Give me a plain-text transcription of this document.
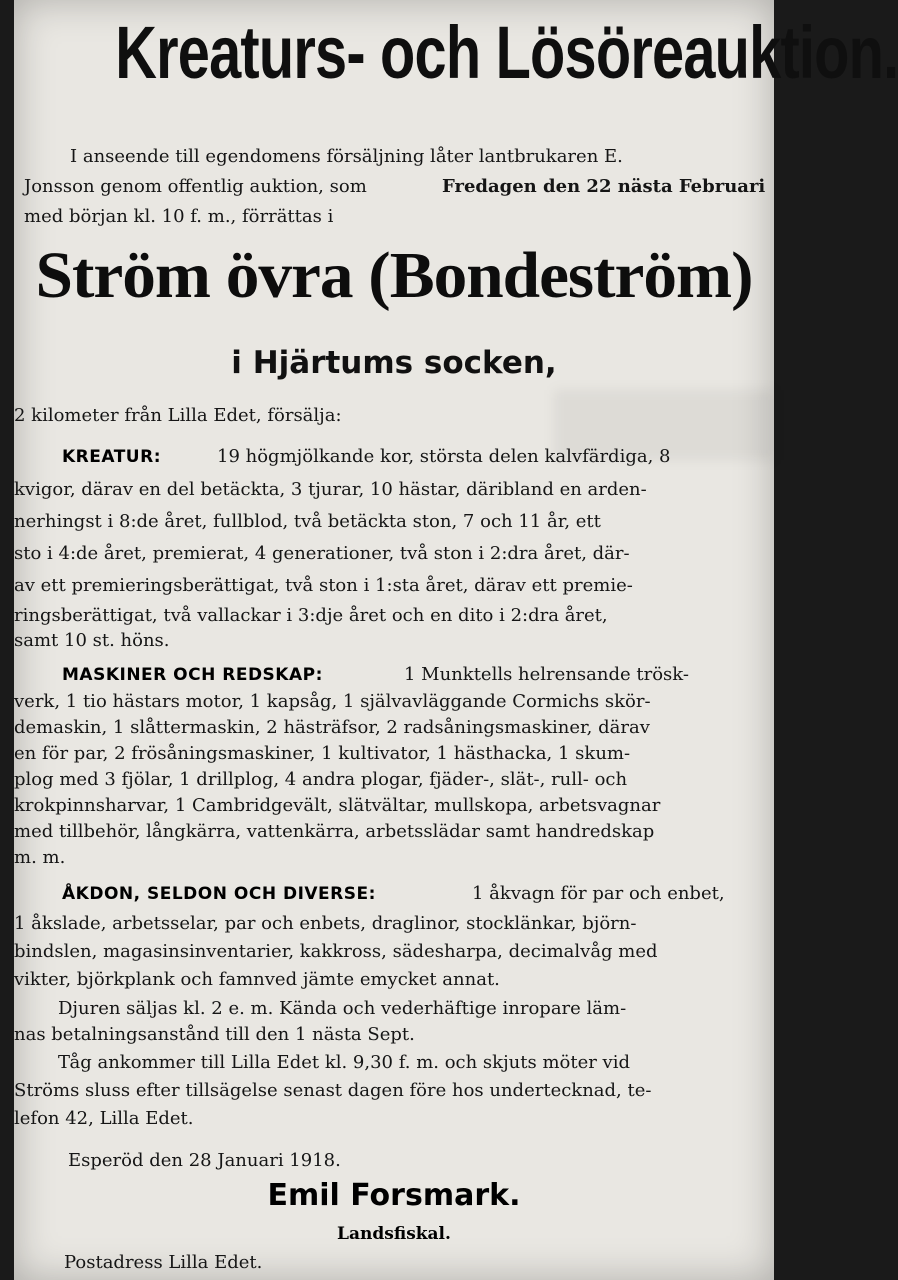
Kreaturs- och Lösöreauktion.
I anseende till egendomens försäljning låter lantbrukaren E.
Jonsson genom offentlig auktion, som	Fredagen den 22 nästa Februari
med början kl. 10 f. m., förrättas i
Ström övra (Bondeström)
i Hjärtums socken,
2 kilometer från Lilla Edet, försälja:
KREATUR:	19 högmjölkande kor, största delen kalvfärdiga, 8
kvigor, därav en del betäckta, 3 tjurar, 10 hästar, däribland en arden-
nerhingst i 8:de året, fullblod, två betäckta ston, 7 och 11 år, ett
sto i 4:de året, premierat, 4 generationer, två ston i 2:dra året, där-
av ett premieringsberättigat, två ston i 1:sta året, därav ett premie-
ringsberättigat, två vallackar i 3:dje året och en dito i 2:dra året,
samt 10 st. höns.
MASKINER OCH REDSKAP:	1 Munktells helrensande trösk-
verk, 1 tio hästars motor, 1 kapsåg, 1 självavläggande Cormichs skör-
demaskin, 1 slåttermaskin, 2 hästräfsor, 2 radsåningsmaskiner, därav
en för par, 2 frösåningsmaskiner, 1 kultivator, 1 hästhacka, 1 skum-
plog med 3 fjölar, 1 drillplog, 4 andra plogar, fjäder-, slät-, rull- och
krokpinnsharvar, 1 Cambridgevält, slätvältar, mullskopa, arbetsvagnar
med tillbehör, långkärra, vattenkärra, arbetsslädar samt handredskap
m. m.
ÅKDON, SELDON OCH DIVERSE:	1 åkvagn för par och enbet,
1 åkslade, arbetsselar, par och enbets, draglinor, stocklänkar, björn-
bindslen, magasinsinventarier, kakkross, sädesharpa, decimalvåg med
vikter, björkplank och famnved jämte emycket annat.
Djuren säljas kl. 2 e. m. Kända och vederhäftige inropare läm-
nas betalningsanstånd till den 1 nästa Sept.
Tåg ankommer till Lilla Edet kl. 9,30 f. m. och skjuts möter vid
Ströms sluss efter tillsägelse senast dagen före hos undertecknad, te-
lefon 42, Lilla Edet.
Esperöd den 28 Januari 1918.
Emil Forsmark.
Landsfiskal.
Postadress Lilla Edet.
